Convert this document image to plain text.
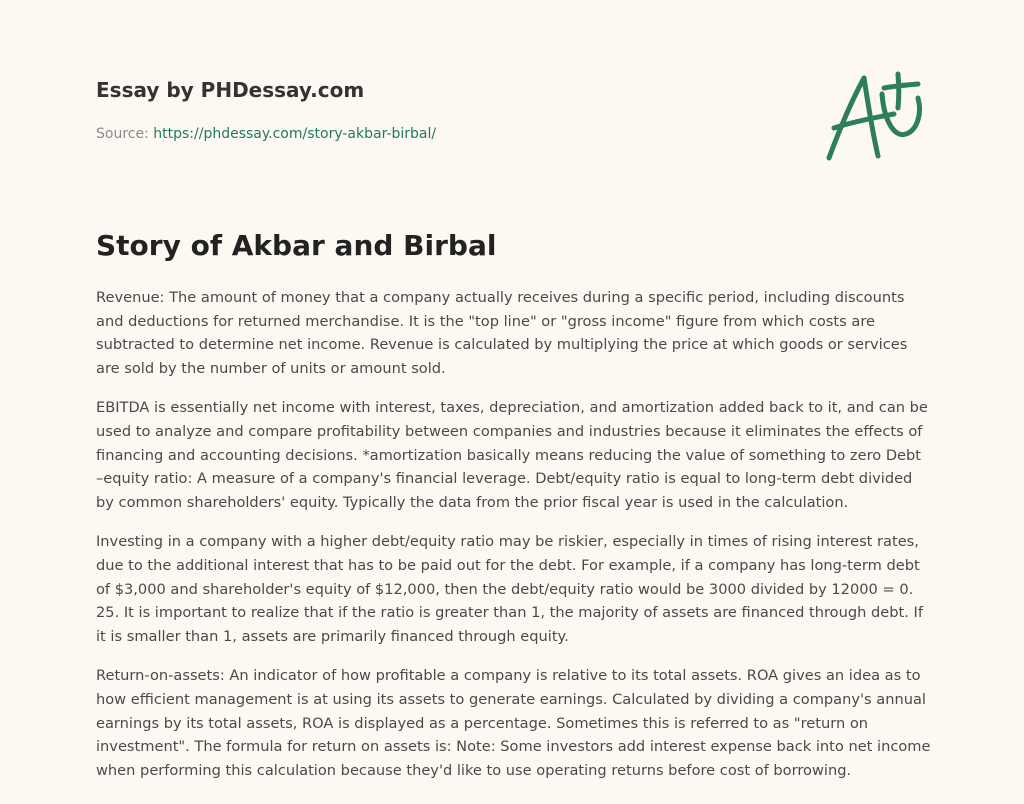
Essay by PHDessay.com
Source: https://phdessay.com/story-akbar-birbal/
Story of Akbar and Birbal

Revenue: The amount of money that a company actually receives during a specific period, including discounts and deductions for returned merchandise. It is the "top line" or "gross income" figure from which costs are subtracted to determine net income. Revenue is calculated by multiplying the price at which goods or services are sold by the number of units or amount sold.

EBITDA is essentially net income with interest, taxes, depreciation, and amortization added back to it, and can be used to analyze and compare profitability between companies and industries because it eliminates the effects of financing and accounting decisions. *amortization basically means reducing the value of something to zero Debt –equity ratio: A measure of a company's financial leverage. Debt/equity ratio is equal to long-term debt divided by common shareholders' equity. Typically the data from the prior fiscal year is used in the calculation.

Investing in a company with a higher debt/equity ratio may be riskier, especially in times of rising interest rates, due to the additional interest that has to be paid out for the debt. For example, if a company has long-term debt of $3,000 and shareholder's equity of $12,000, then the debt/equity ratio would be 3000 divided by 12000 = 0. 25. It is important to realize that if the ratio is greater than 1, the majority of assets are financed through debt. If it is smaller than 1, assets are primarily financed through equity.

Return-on-assets: An indicator of how profitable a company is relative to its total assets. ROA gives an idea as to how efficient management is at using its assets to generate earnings. Calculated by dividing a company's annual earnings by its total assets, ROA is displayed as a percentage. Sometimes this is referred to as "return on investment". The formula for return on assets is: Note: Some investors add interest expense back into net income when performing this calculation because they'd like to use operating returns before cost of borrowing.
